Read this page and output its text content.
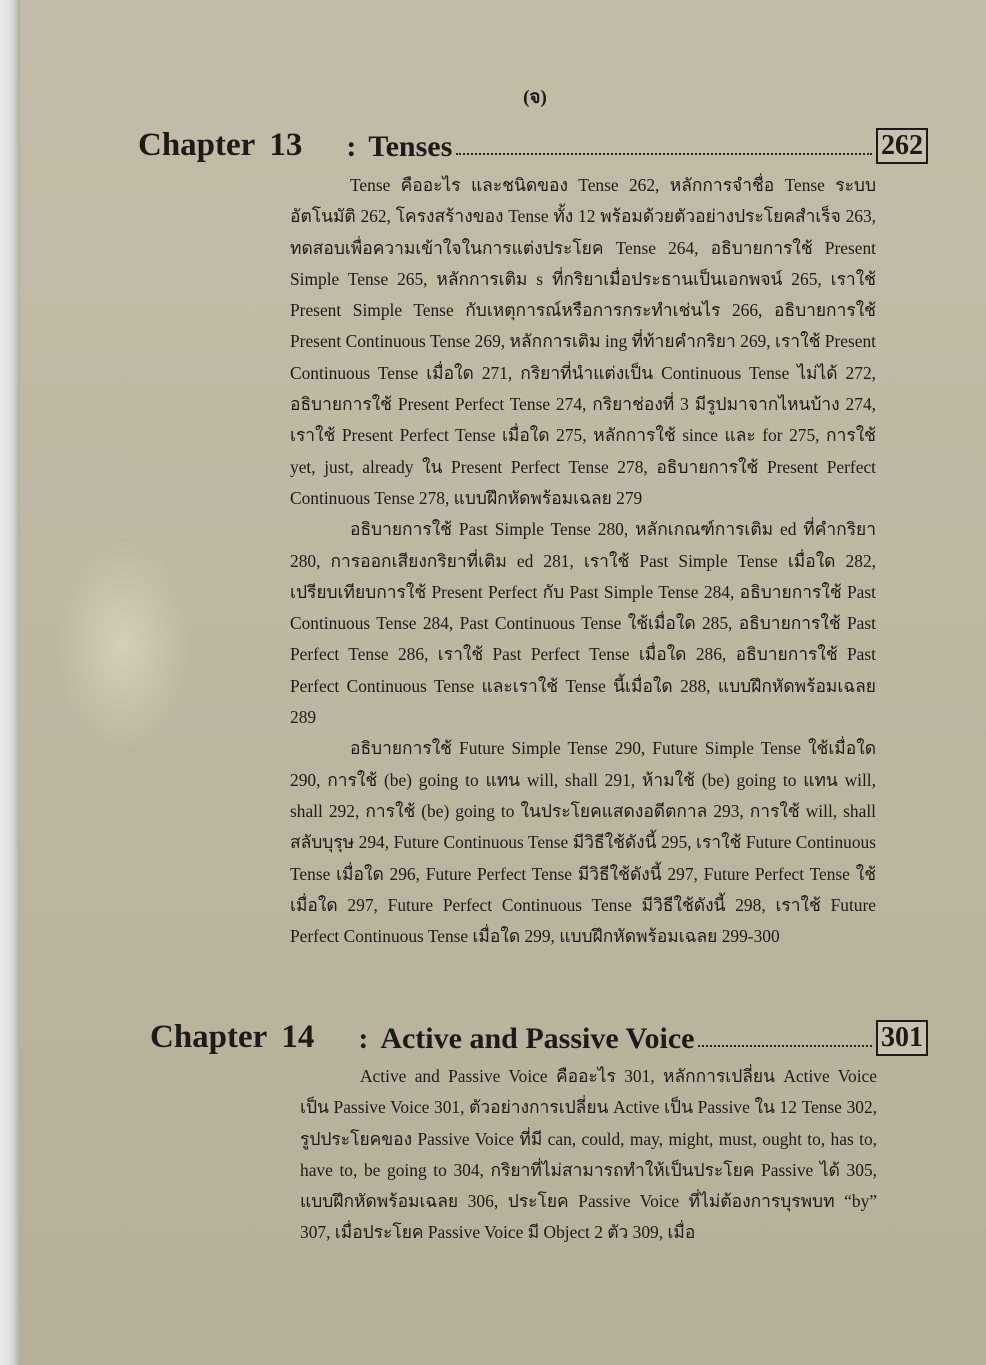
(จ)
Chapter 13 : Tenses	262

Tense คืออะไร และชนิดของ Tense 262, หลักการจำชื่อ Tense ระบบอัตโนมัติ 262, โครงสร้างของ Tense ทั้ง 12 พร้อมด้วยตัวอย่างประโยคสำเร็จ 263, ทดสอบเพื่อความเข้าใจในการแต่งประโยค Tense 264, อธิบายการใช้ Present Simple Tense 265, หลักการเติม s ที่กริยาเมื่อประธานเป็นเอกพจน์ 265, เราใช้ Present Simple Tense กับเหตุการณ์หรือการกระทำเช่นไร 266, อธิบายการใช้ Present Continuous Tense 269, หลักการเติม ing ที่ท้ายคำกริยา 269, เราใช้ Present Continuous Tense เมื่อใด 271, กริยาที่นำแต่งเป็น Continuous Tense ไม่ได้ 272, อธิบายการใช้ Present Perfect Tense 274, กริยาช่องที่ 3 มีรูปมาจากไหนบ้าง 274, เราใช้ Present Perfect Tense เมื่อใด 275, หลักการใช้ since และ for 275, การใช้ yet, just, already ใน Present Perfect Tense 278, อธิบายการใช้ Present Perfect Continuous Tense 278, แบบฝึกหัดพร้อมเฉลย 279

อธิบายการใช้ Past Simple Tense 280, หลักเกณฑ์การเติม ed ที่คำกริยา 280, การออกเสียงกริยาที่เติม ed 281, เราใช้ Past Simple Tense เมื่อใด 282, เปรียบเทียบการใช้ Present Perfect กับ Past Simple Tense 284, อธิบายการใช้ Past Continuous Tense 284, Past Continuous Tense ใช้เมื่อใด 285, อธิบายการใช้ Past Perfect Tense 286, เราใช้ Past Perfect Tense เมื่อใด 286, อธิบายการใช้ Past Perfect Continuous Tense และเราใช้ Tense นี้เมื่อใด 288, แบบฝึกหัดพร้อมเฉลย 289

อธิบายการใช้ Future Simple Tense 290, Future Simple Tense ใช้เมื่อใด 290, การใช้ (be) going to แทน will, shall 291, ห้ามใช้ (be) going to แทน will, shall 292, การใช้ (be) going to ในประโยคแสดงอดีตกาล 293, การใช้ will, shall สลับบุรุษ 294, Future Continuous Tense มีวิธีใช้ดังนี้ 295, เราใช้ Future Continuous Tense เมื่อใด 296, Future Perfect Tense มีวิธีใช้ดังนี้ 297, Future Perfect Tense ใช้เมื่อใด 297, Future Perfect Continuous Tense มีวิธีใช้ดังนี้ 298, เราใช้ Future Perfect Continuous Tense เมื่อใด 299, แบบฝึกหัดพร้อมเฉลย 299-300

Chapter 14 : Active and Passive Voice	301

Active and Passive Voice คืออะไร 301, หลักการเปลี่ยน Active Voice เป็น Passive Voice 301, ตัวอย่างการเปลี่ยน Active เป็น Passive ใน 12 Tense 302, รูปประโยคของ Passive Voice ที่มี can, could, may, might, must, ought to, has to, have to, be going to 304, กริยาที่ไม่สามารถทำให้เป็นประโยค Passive ได้ 305, แบบฝึกหัดพร้อมเฉลย 306, ประโยค Passive Voice ที่ไม่ต้องการบุรพบท “by” 307, เมื่อประโยค Passive Voice มี Object 2 ตัว 309, เมื่อ
